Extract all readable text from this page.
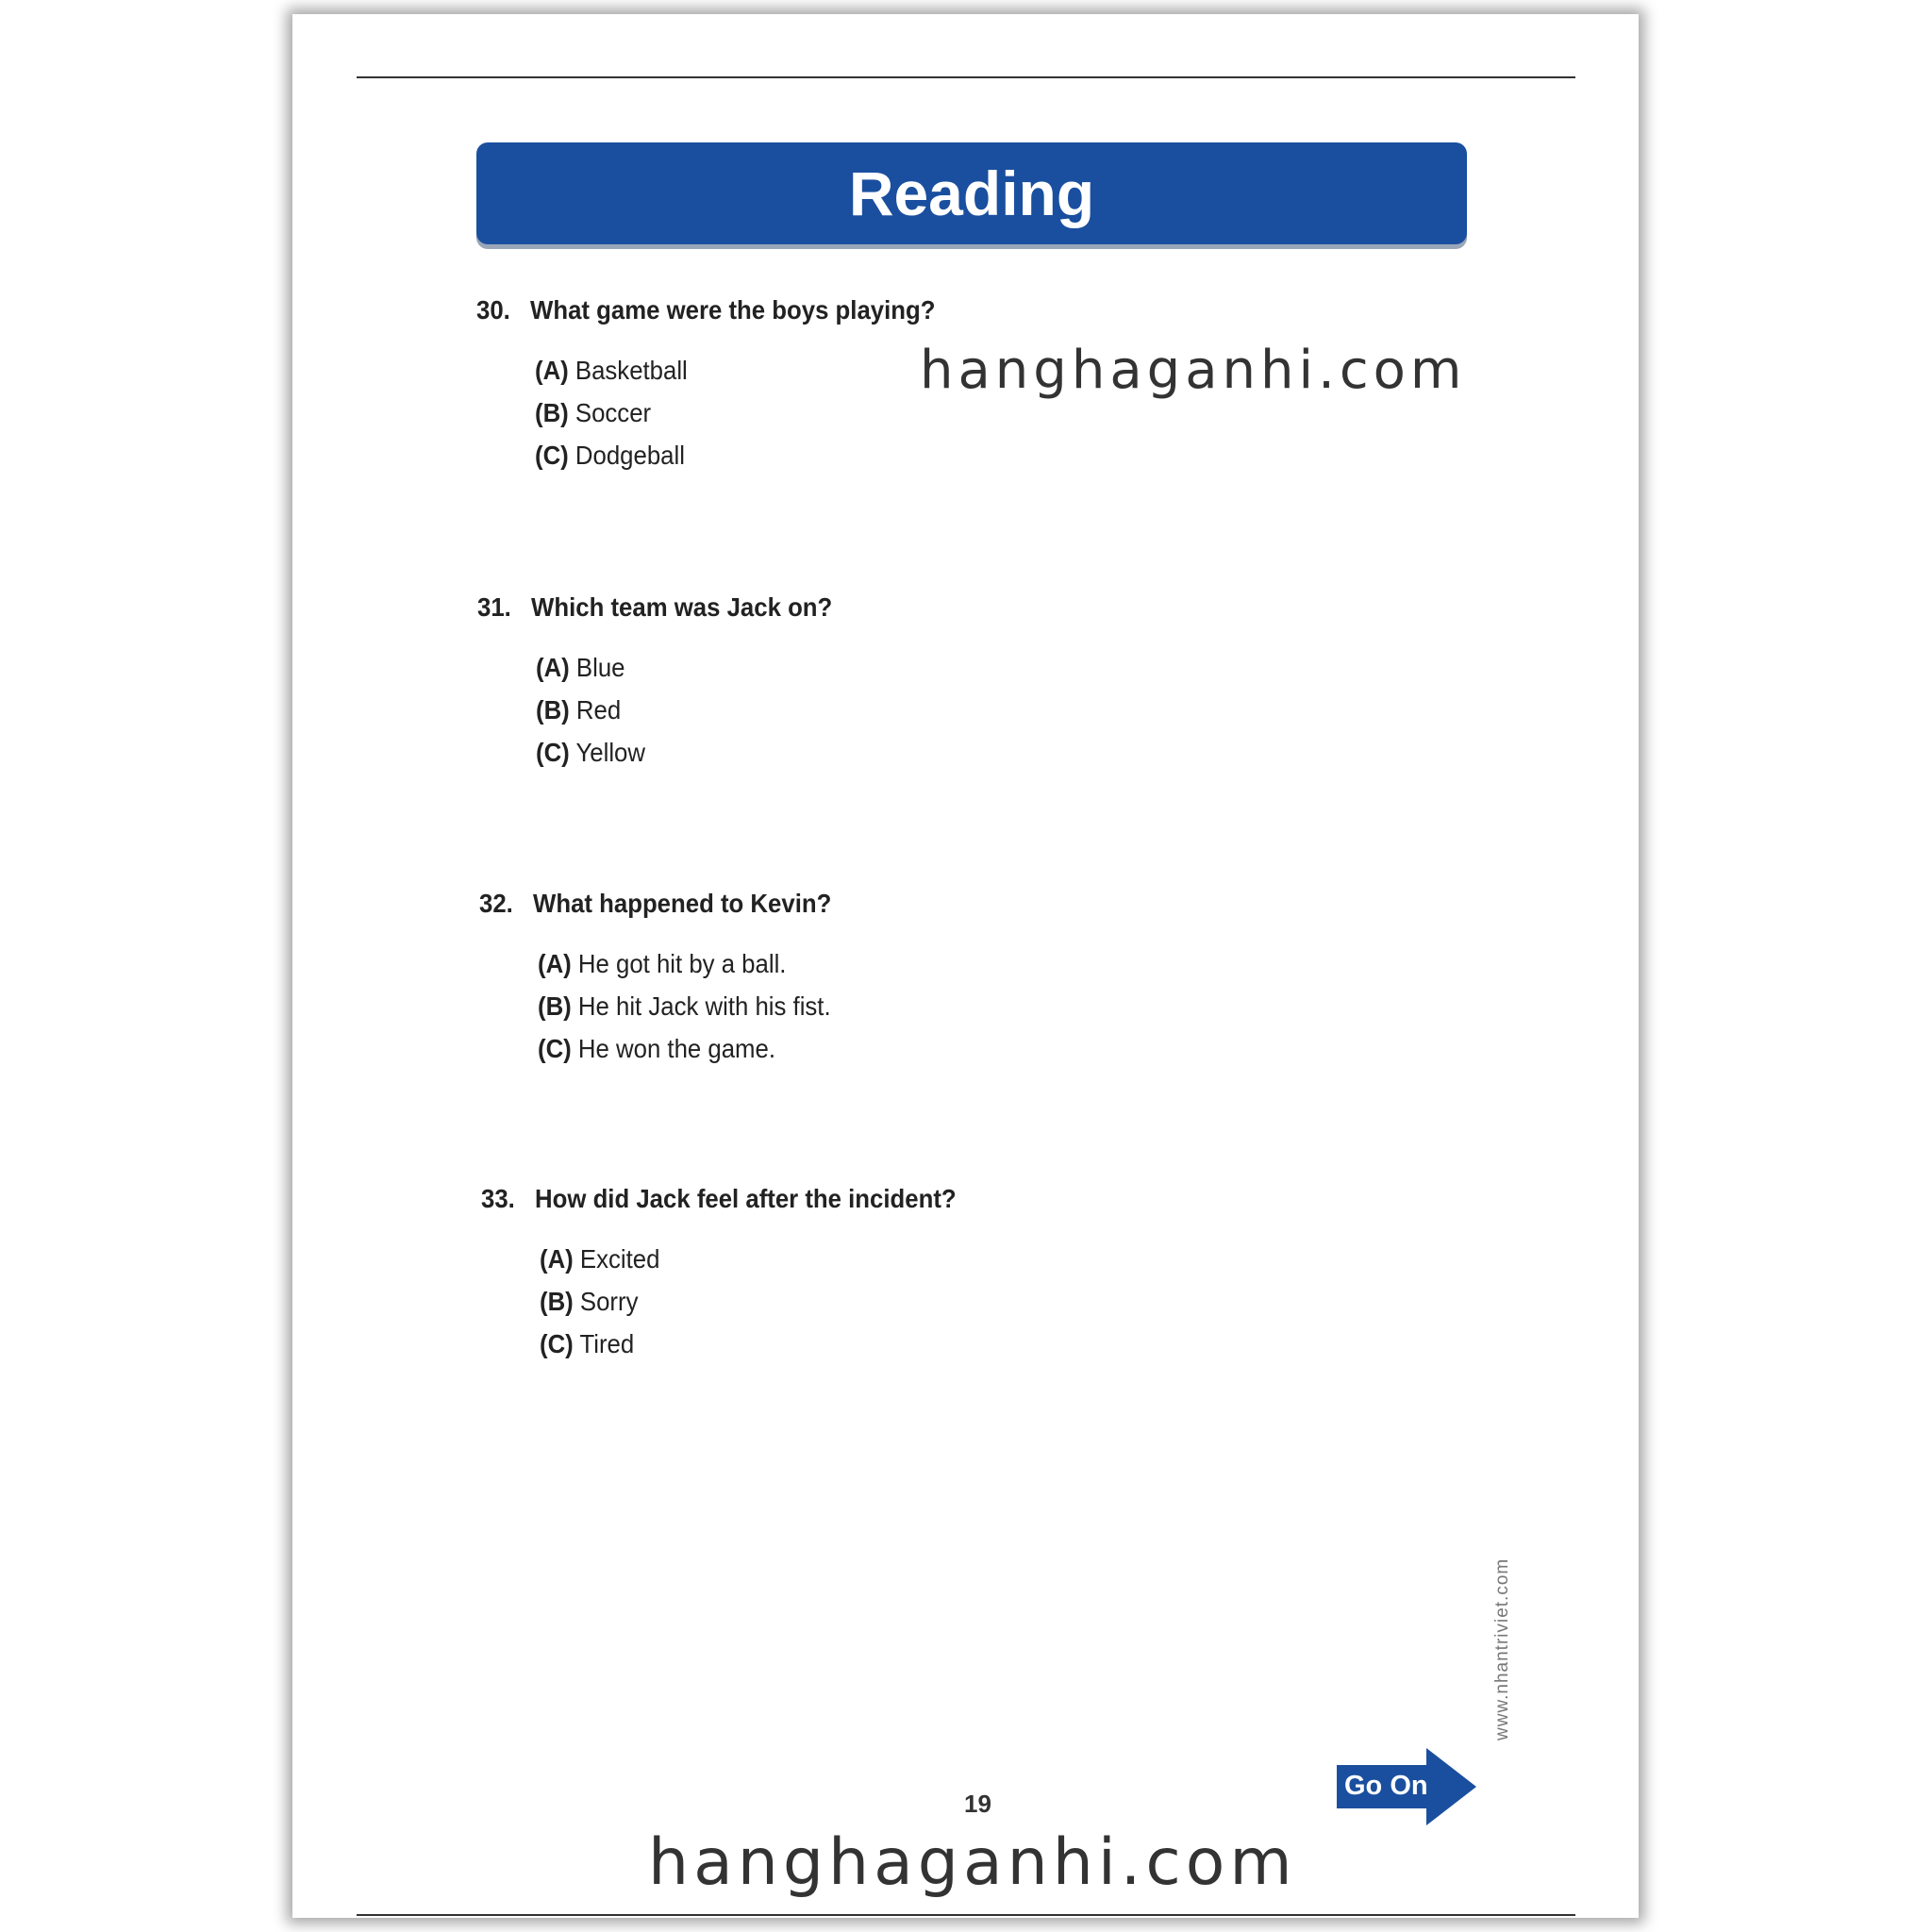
Reading
30. What game were the boys playing?
(A) Basketball
(B) Soccer
(C) Dodgeball
31. Which team was Jack on?
(A) Blue
(B) Red
(C) Yellow
32. What happened to Kevin?
(A) He got hit by a ball.
(B) He hit Jack with his fist.
(C) He won the game.
33. How did Jack feel after the incident?
(A) Excited
(B) Sorry
(C) Tired
hanghaganhi.com
www.nhantriviet.com
19
Go On
hanghaganhi.com
